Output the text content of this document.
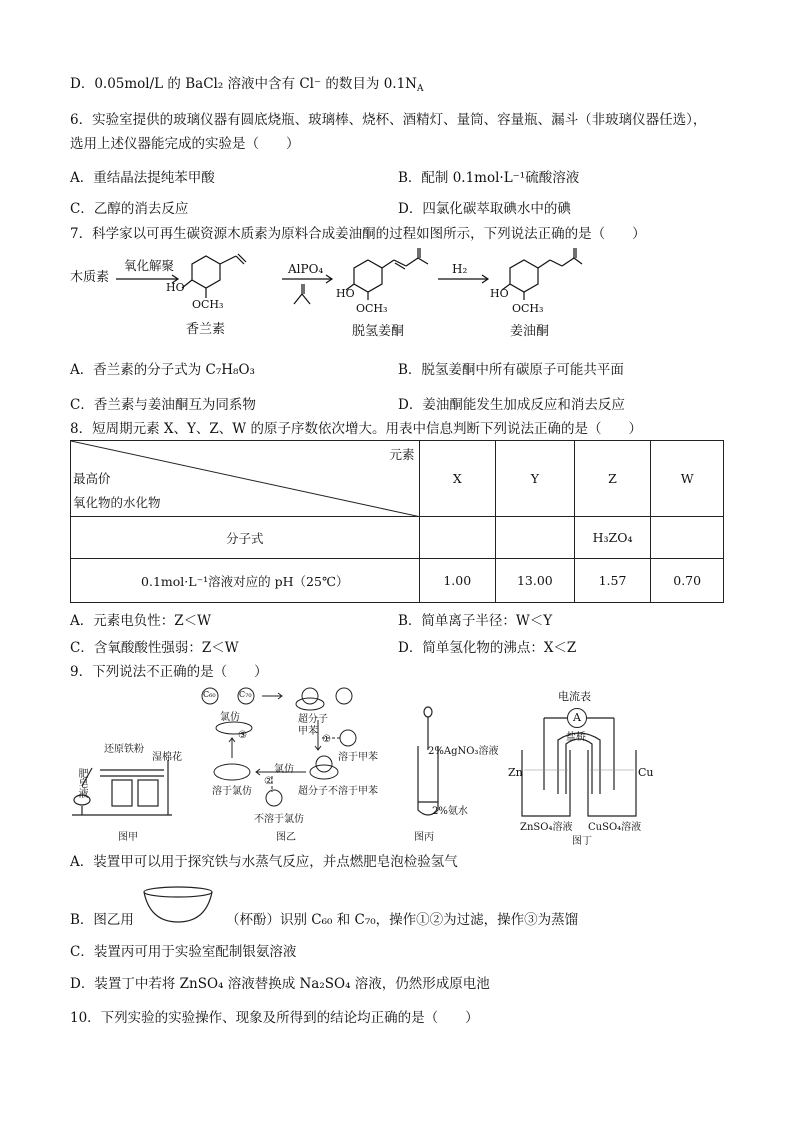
D．0.05mol/L 的 BaCl₂ 溶液中含有 Cl⁻ 的数目为 $0.1N_A$
6．实验室提供的玻璃仪器有圆底烧瓶、玻璃棒、烧杯、酒精灯、量筒、容量瓶、漏斗（非玻璃仪器任选），
选用上述仪器能完成的实验是（　　）
A．重结晶法提纯苯甲酸	B．配制 0.1mol·L⁻¹硫酸溶液
C．乙醇的消去反应	D．四氯化碳萃取碘水中的碘
7．科学家以可再生碳资源木质素为原料合成姜油酮的过程如图所示，下列说法正确的是（　　）
木质素
氧化解聚	AlPO₄	H₂
HO
OCH₃
HO
OCH₃
HO
OCH₃
香兰素	脱氢姜酮	姜油酮
A．香兰素的分子式为 C₇H₈O₃	B．脱氢姜酮中所有碳原子可能共平面
C．香兰素与姜油酮互为同系物	D．姜油酮能发生加成反应和消去反应
8．短周期元素 X、Y、Z、W 的原子序数依次增大。用表中信息判断下列说法正确的是（　　）
元素
最高价
氧化物的水化物	X	Y	Z	W
分子式			H₃ZO₄	
0.1mol·L⁻¹溶液对应的 pH（25℃）	1.00	13.00	1.57	0.70
A．元素电负性：Z＜W	B．简单离子半径：W＜Y
C．含氧酸酸性强弱：Z＜W	D．简单氢化物的沸点：X＜Z
9．下列说法不正确的是（　　）
还原铁粉
湿棉花
肥皂液
图甲
C₆₀	C₇₀
超分子
甲苯
①
溶于甲苯
氯仿
③
溶于氯仿
氯仿
②
超分子不溶于甲苯
不溶于氯仿
图乙
2%AgNO₃溶液
2%氨水
图丙
A
电流表
盐桥
Zn	Cu
ZnSO₄溶液 CuSO₄溶液
图丁
A．装置甲可以用于探究铁与水蒸气反应，并点燃肥皂泡检验氢气
B．图乙用	（杯酚）识别 C₆₀ 和 C₇₀，操作①②为过滤，操作③为蒸馏
C．装置丙可用于实验室配制银氨溶液
D．装置丁中若将 ZnSO₄ 溶液替换成 Na₂SO₄ 溶液，仍然形成原电池
10．下列实验的实验操作、现象及所得到的结论均正确的是（　　）
